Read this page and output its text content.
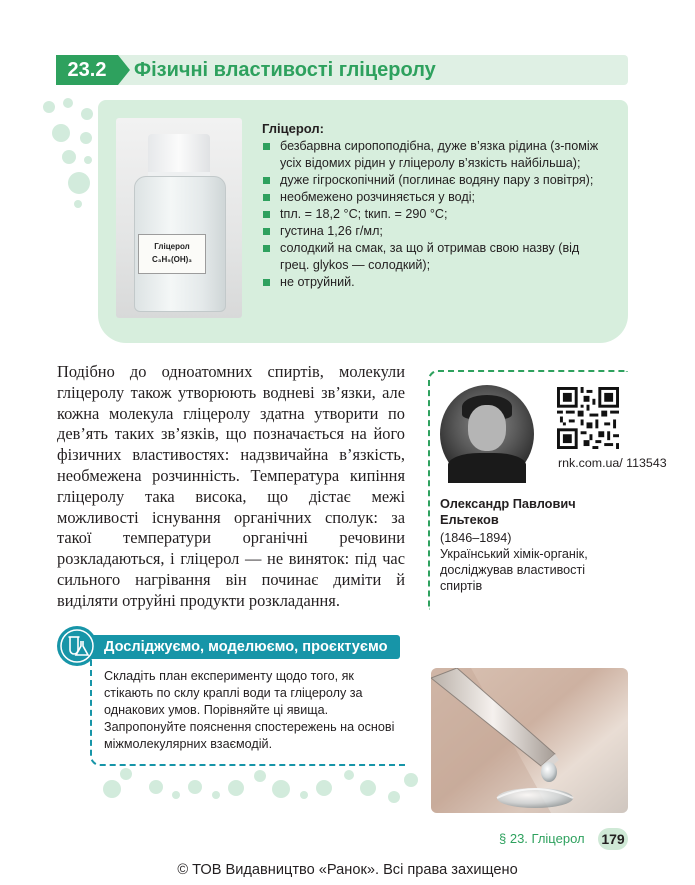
23.2	Фізичні властивості гліцеролу
Гліцерол
C₃H₅(OH)₃
Гліцерол:
безбарвна сиропоподібна, дуже в’язка рідина (з-поміж усіх відомих рідин у гліцеролу в’язкість найбільша);
дуже гігроскопічний (поглинає водяну пару з повітря);
необмежено розчиняється у воді;
tпл. = 18,2 °C; tкип. = 290 °C;
густина 1,26 г/мл;
солодкий на смак, за що й отримав свою назву (від грец. glykos — солодкий);
не отруйний.

Подібно до одноатомних спиртів, молекули гліцеролу також утворюють водневі зв’язки, але кожна молекула гліцеролу здатна утворити по дев’ять таких зв’язків, що позначається на його фізичних властивостях: надзвичайна в’язкість, необмежена розчинність. Температура кипіння гліцеролу така висока, що дістає межі можливості існування органічних сполук: за такої температури органічні речовини розкладаються, і гліцерол — не виняток: під час сильного нагрівання він починає диміти й виділяти отруйні продукти розкладання.

rnk.com.ua/ 113543
Олександр Павлович Ельтеков
(1846–1894)
Український хімік-органік, досліджував властивості спиртів
Досліджуємо, моделюємо, проєктуємо

Складіть план експерименту щодо того, як стікають по склу краплі води та гліцеролу за однакових умов. Порівняйте ці явища. Запропонуйте пояснення спостережень на основі міжмолекулярних взаємодій.

§ 23. Гліцерол 179
© ТОВ Видавництво «Ранок». Всі права захищено
